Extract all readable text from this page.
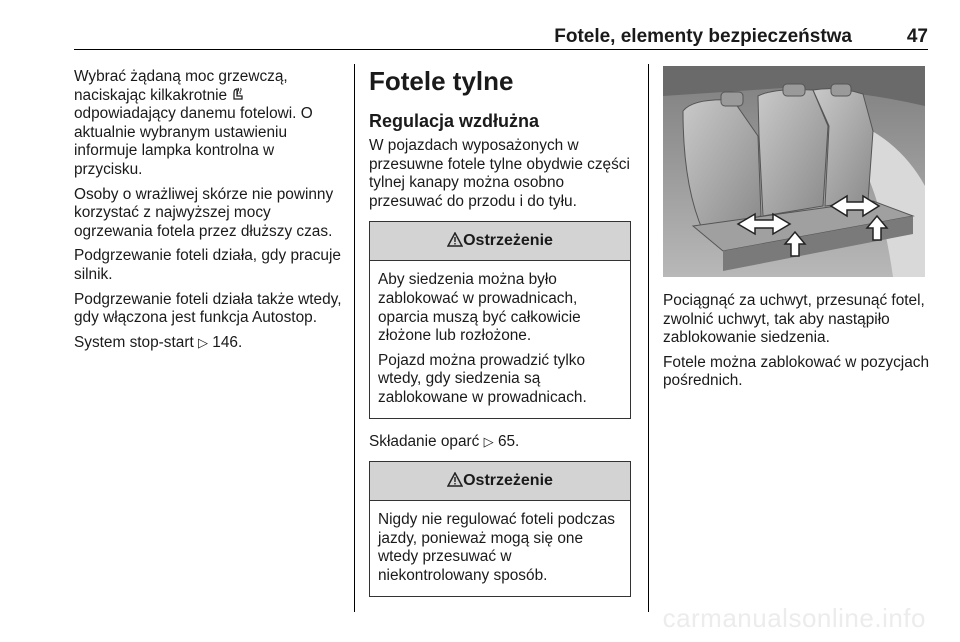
Fotele, elementy bezpieczeństwa	47

Wybrać żądaną moc grzewczą, naciskając kilkakrotnie  odpowiadający danemu fotelowi. O aktualnie wybranym ustawieniu informuje lampka kontrolna w przycisku.

Osoby o wrażliwej skórze nie powinny korzystać z najwyższej mocy ogrzewania fotela przez dłuższy czas.

Podgrzewanie foteli działa, gdy pracuje silnik.

Podgrzewanie foteli działa także wtedy, gdy włączona jest funkcja Autostop.

System stop-start ▷ 146.

Fotele tylne
Regulacja wzdłużna

W pojazdach wyposażonych w przesuwne fotele tylne obydwie części tylnej kanapy można osobno przesuwać do przodu i do tyłu.

Ostrzeżenie

Aby siedzenia można było zablokować w prowadnicach, oparcia muszą być całkowicie złożone lub rozłożone.

Pojazd można prowadzić tylko wtedy, gdy siedzenia są zablokowane w prowadnicach.

Składanie oparć ▷ 65.

Ostrzeżenie

Nigdy nie regulować foteli podczas jazdy, ponieważ mogą się one wtedy przesuwać w niekontrolowany sposób.

Pociągnąć za uchwyt, przesunąć fotel, zwolnić uchwyt, tak aby nastąpiło zablokowanie siedzenia.

Fotele można zablokować w pozycjach pośrednich.

carmanualsonline.info
